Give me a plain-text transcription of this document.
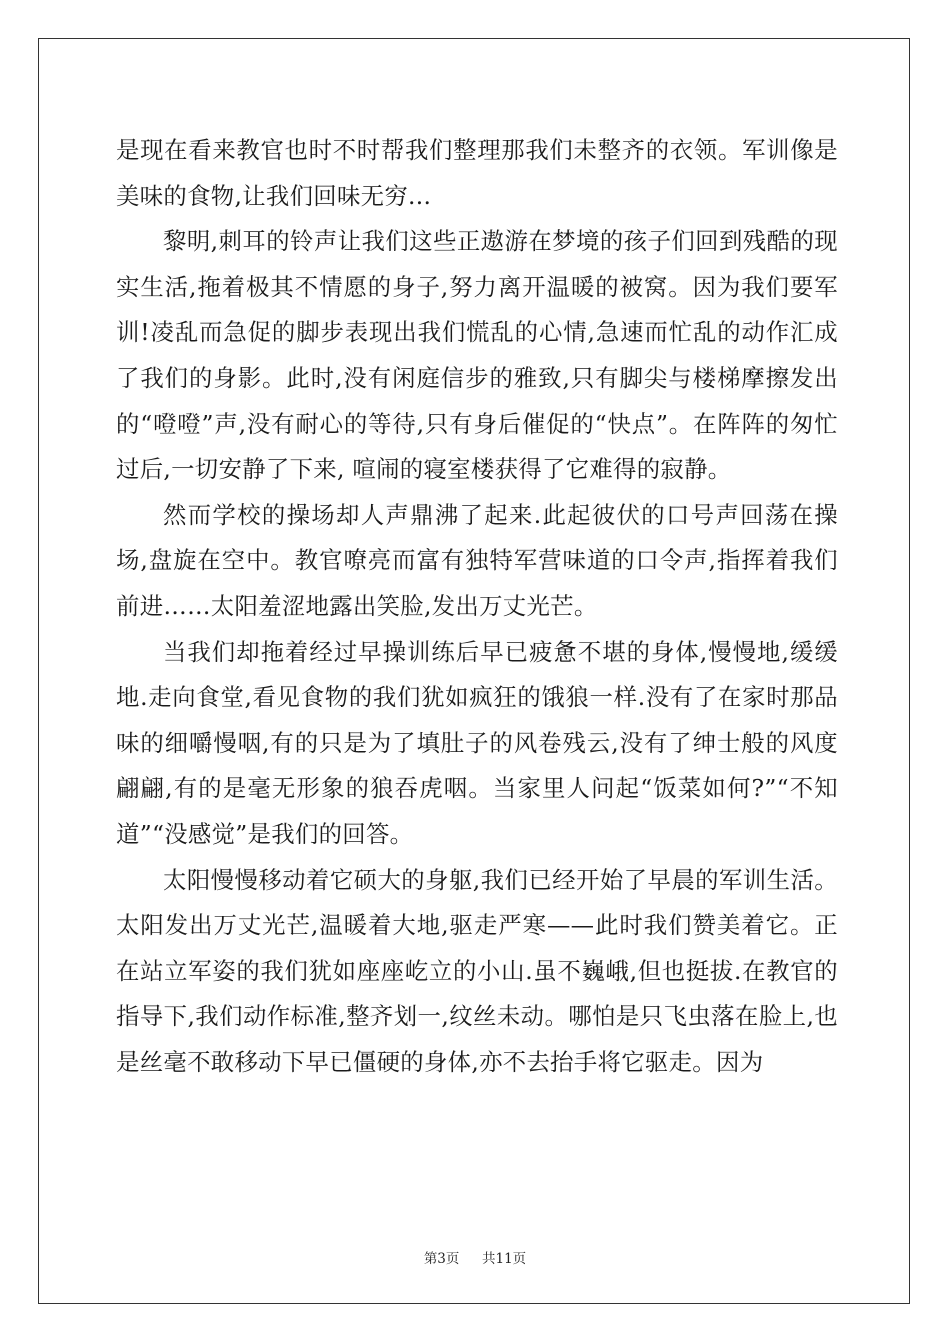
是现在看来教官也时不时帮我们整理那我们未整齐的衣领。军训像是美味的食物,让我们回味无穷...

黎明,刺耳的铃声让我们这些正遨游在梦境的孩子们回到残酷的现实生活,拖着极其不情愿的身子,努力离开温暖的被窝。因为我们要军训!凌乱而急促的脚步表现出我们慌乱的心情,急速而忙乱的动作汇成了我们的身影。此时,没有闲庭信步的雅致,只有脚尖与楼梯摩擦发出的“噔噔”声,没有耐心的等待,只有身后催促的“快点”。在阵阵的匆忙过后,一切安静了下来, 喧闹的寝室楼获得了它难得的寂静。

然而学校的操场却人声鼎沸了起来.此起彼伏的口号声回荡在操场,盘旋在空中。教官嘹亮而富有独特军营味道的口令声,指挥着我们前进……太阳羞涩地露出笑脸,发出万丈光芒。

当我们却拖着经过早操训练后早已疲惫不堪的身体,慢慢地,缓缓地.走向食堂,看见食物的我们犹如疯狂的饿狼一样.没有了在家时那品味的细嚼慢咽,有的只是为了填肚子的风卷残云,没有了绅士般的风度翩翩,有的是毫无形象的狼吞虎咽。当家里人问起“饭菜如何?”“不知道”“没感觉”是我们的回答。

太阳慢慢移动着它硕大的身躯,我们已经开始了早晨的军训生活。太阳发出万丈光芒,温暖着大地,驱走严寒——此时我们赞美着它。正在站立军姿的我们犹如座座屹立的小山.虽不巍峨,但也挺拔.在教官的指导下,我们动作标准,整齐划一,纹丝未动。哪怕是只飞虫落在脸上,也是丝毫不敢移动下早已僵硬的身体,亦不去抬手将它驱走。因为

第3页 共11页
